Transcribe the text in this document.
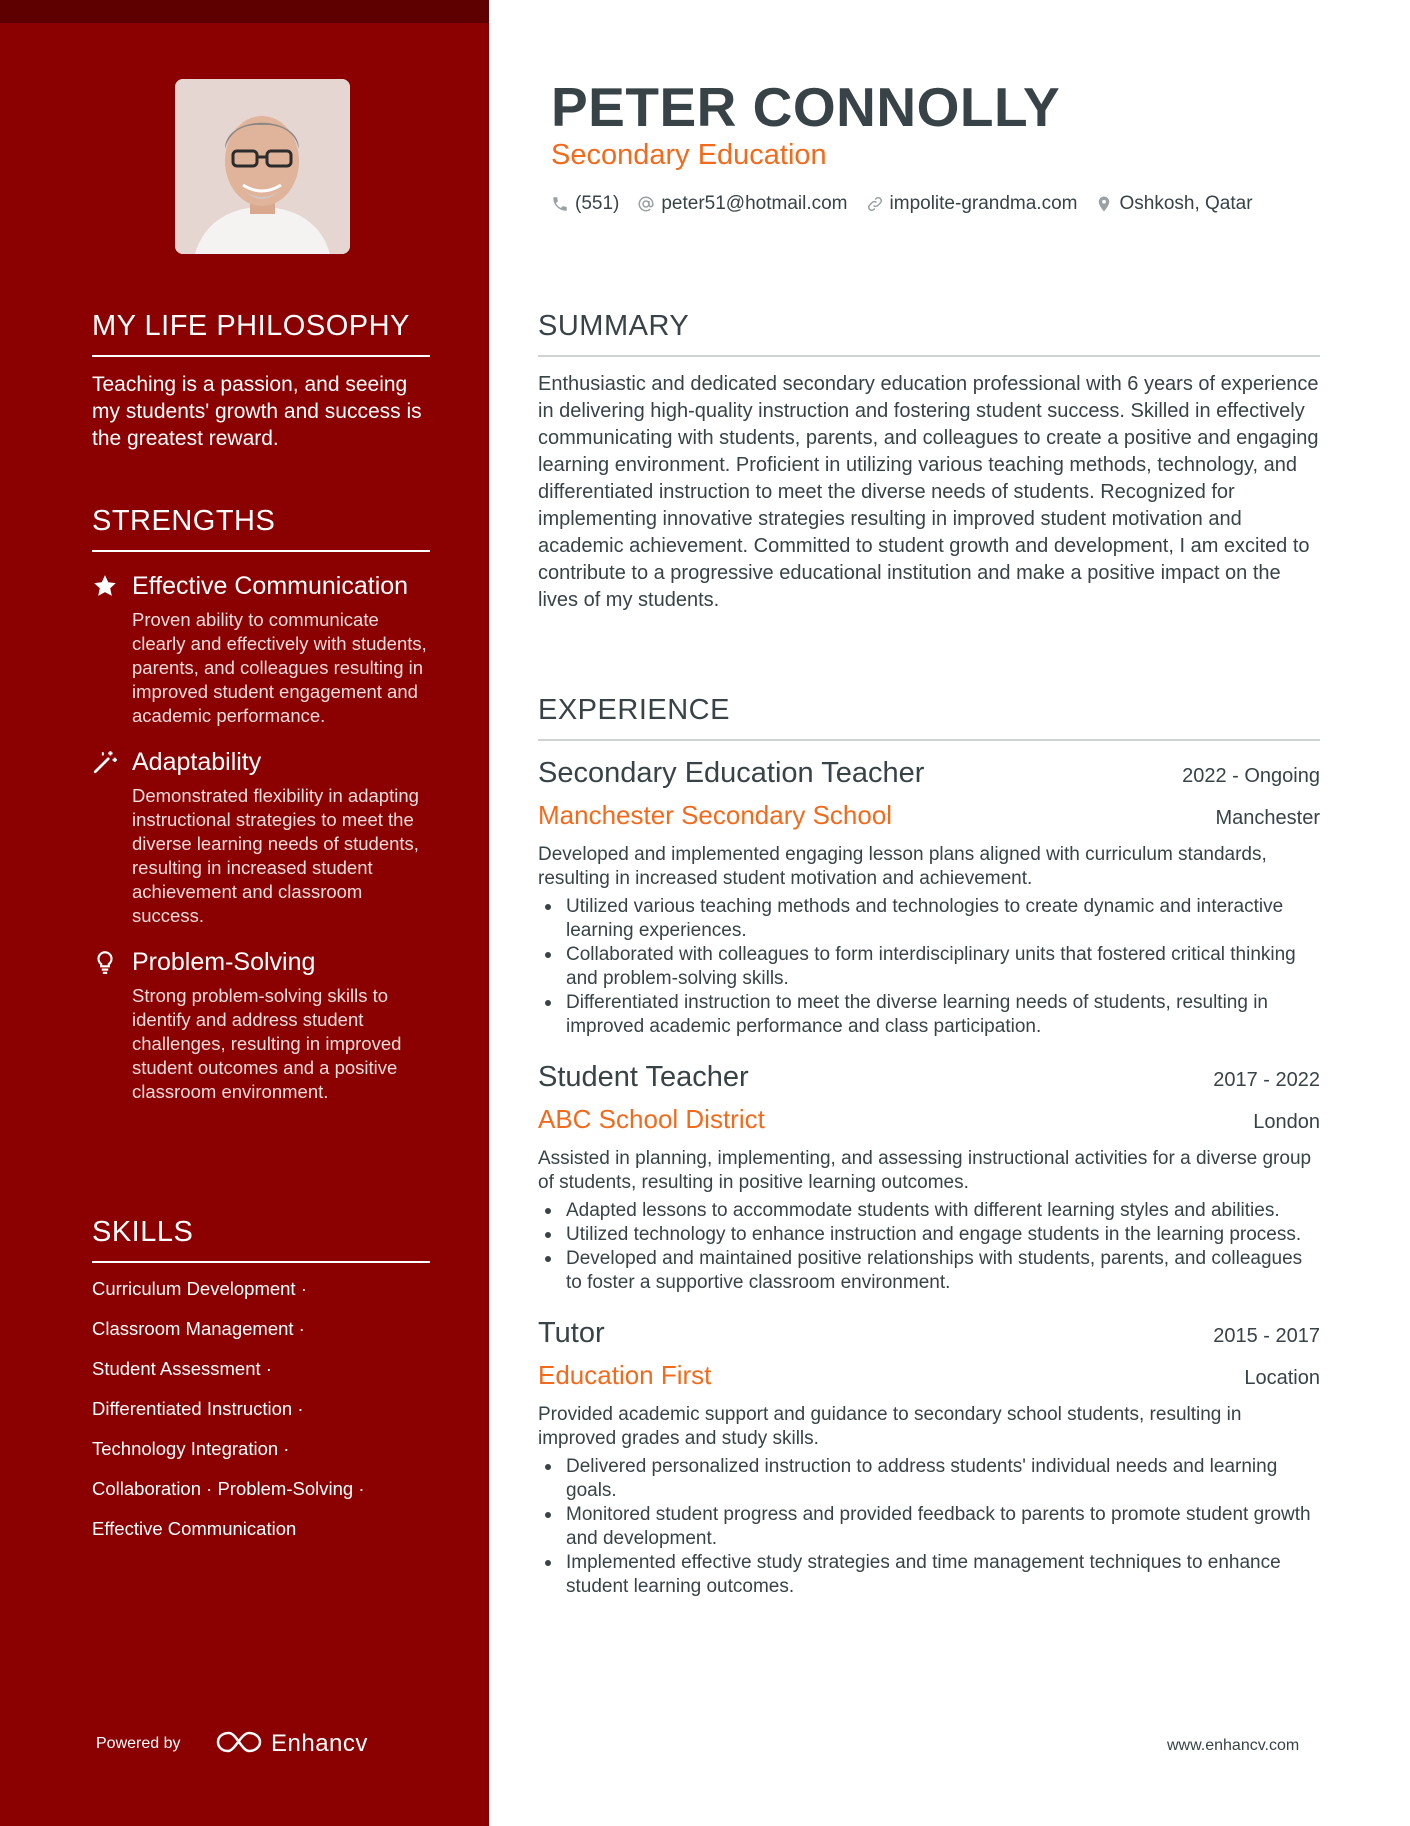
MY LIFE PHILOSOPHY
Teaching is a passion, and seeing my students' growth and success is the greatest reward.
STRENGTHS
Effective Communication
Proven ability to communicate clearly and effectively with students, parents, and colleagues resulting in improved student engagement and academic performance.
Adaptability
Demonstrated flexibility in adapting instructional strategies to meet the diverse learning needs of students, resulting in increased student achievement and classroom success.
Problem-Solving
Strong problem-solving skills to identify and address student challenges, resulting in improved student outcomes and a positive classroom environment.
SKILLS
Curriculum Development ·
Classroom Management ·
Student Assessment ·
Differentiated Instruction ·
Technology Integration ·
Collaboration · Problem-Solving ·
Effective Communication
Powered by	Enhancv
PETER CONNOLLY
Secondary Education
(551) peter51@hotmail.com impolite-grandma.com Oshkosh, Qatar
SUMMARY
Enthusiastic and dedicated secondary education professional with 6 years of experience in delivering high-quality instruction and fostering student success. Skilled in effectively communicating with students, parents, and colleagues to create a positive and engaging learning environment. Proficient in utilizing various teaching methods, technology, and differentiated instruction to meet the diverse needs of students. Recognized for implementing innovative strategies resulting in improved student motivation and academic achievement. Committed to student growth and development, I am excited to contribute to a progressive educational institution and make a positive impact on the lives of my students.
EXPERIENCE
Secondary Education Teacher	2022 - Ongoing
Manchester Secondary School	Manchester
Developed and implemented engaging lesson plans aligned with curriculum standards, resulting in increased student motivation and achievement.
Utilized various teaching methods and technologies to create dynamic and interactive learning experiences.
Collaborated with colleagues to form interdisciplinary units that fostered critical thinking and problem-solving skills.
Differentiated instruction to meet the diverse learning needs of students, resulting in improved academic performance and class participation.
Student Teacher	2017 - 2022
ABC School District	London
Assisted in planning, implementing, and assessing instructional activities for a diverse group of students, resulting in positive learning outcomes.
Adapted lessons to accommodate students with different learning styles and abilities.
Utilized technology to enhance instruction and engage students in the learning process.
Developed and maintained positive relationships with students, parents, and colleagues to foster a supportive classroom environment.
Tutor	2015 - 2017
Education First	Location
Provided academic support and guidance to secondary school students, resulting in improved grades and study skills.
Delivered personalized instruction to address students' individual needs and learning goals.
Monitored student progress and provided feedback to parents to promote student growth and development.
Implemented effective study strategies and time management techniques to enhance student learning outcomes.
www.enhancv.com
